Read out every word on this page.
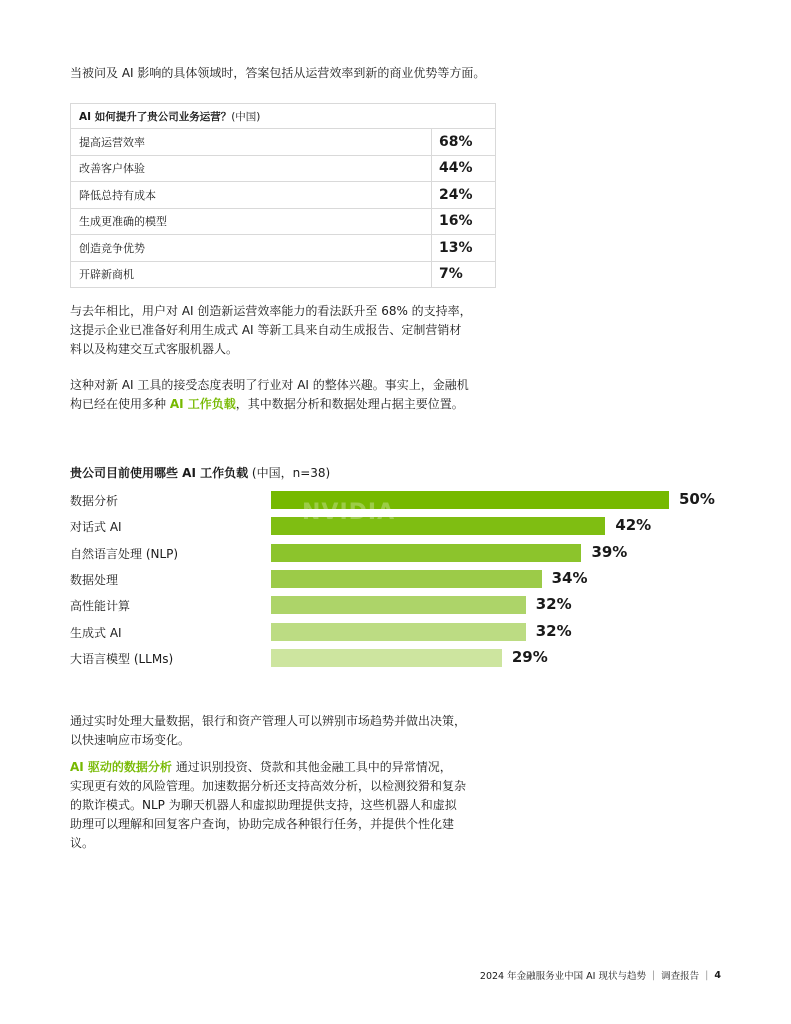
当被问及 AI 影响的具体领域时，答案包括从运营效率到新的商业优势等方面。
AI 如何提升了贵公司业务运营？ (中国)
提高运营效率	68%
改善客户体验	44%
降低总持有成本	24%
生成更准确的模型	16%
创造竞争优势	13%
开辟新商机	7%
与去年相比，用户对 AI 创造新运营效率能力的看法跃升至 68% 的支持率，
这提示企业已准备好利用生成式 AI 等新工具来自动生成报告、定制营销材
料以及构建交互式客服机器人。
这种对新 AI 工具的接受态度表明了行业对 AI 的整体兴趣。事实上，金融机
构已经在使用多种 AI 工作负载，其中数据分析和数据处理占据主要位置。
贵公司目前使用哪些 AI 工作负载 (中国，n=38)
数据分析	50%
对话式 AI	42%
自然语言处理 (NLP)	39%
数据处理	34%
高性能计算	32%
生成式 AI	32%
大语言模型 (LLMs)	29%
NVIDIA
通过实时处理大量数据，银行和资产管理人可以辨别市场趋势并做出决策，
以快速响应市场变化。
AI 驱动的数据分析 通过识别投资、贷款和其他金融工具中的异常情况，
实现更有效的风险管理。加速数据分析还支持高效分析，以检测狡猾和复杂
的欺诈模式。NLP 为聊天机器人和虚拟助理提供支持，这些机器人和虚拟
助理可以理解和回复客户查询，协助完成各种银行任务，并提供个性化建
议。
2024 年金融服务业中国 AI 现状与趋势 | 调查报告 | 4
